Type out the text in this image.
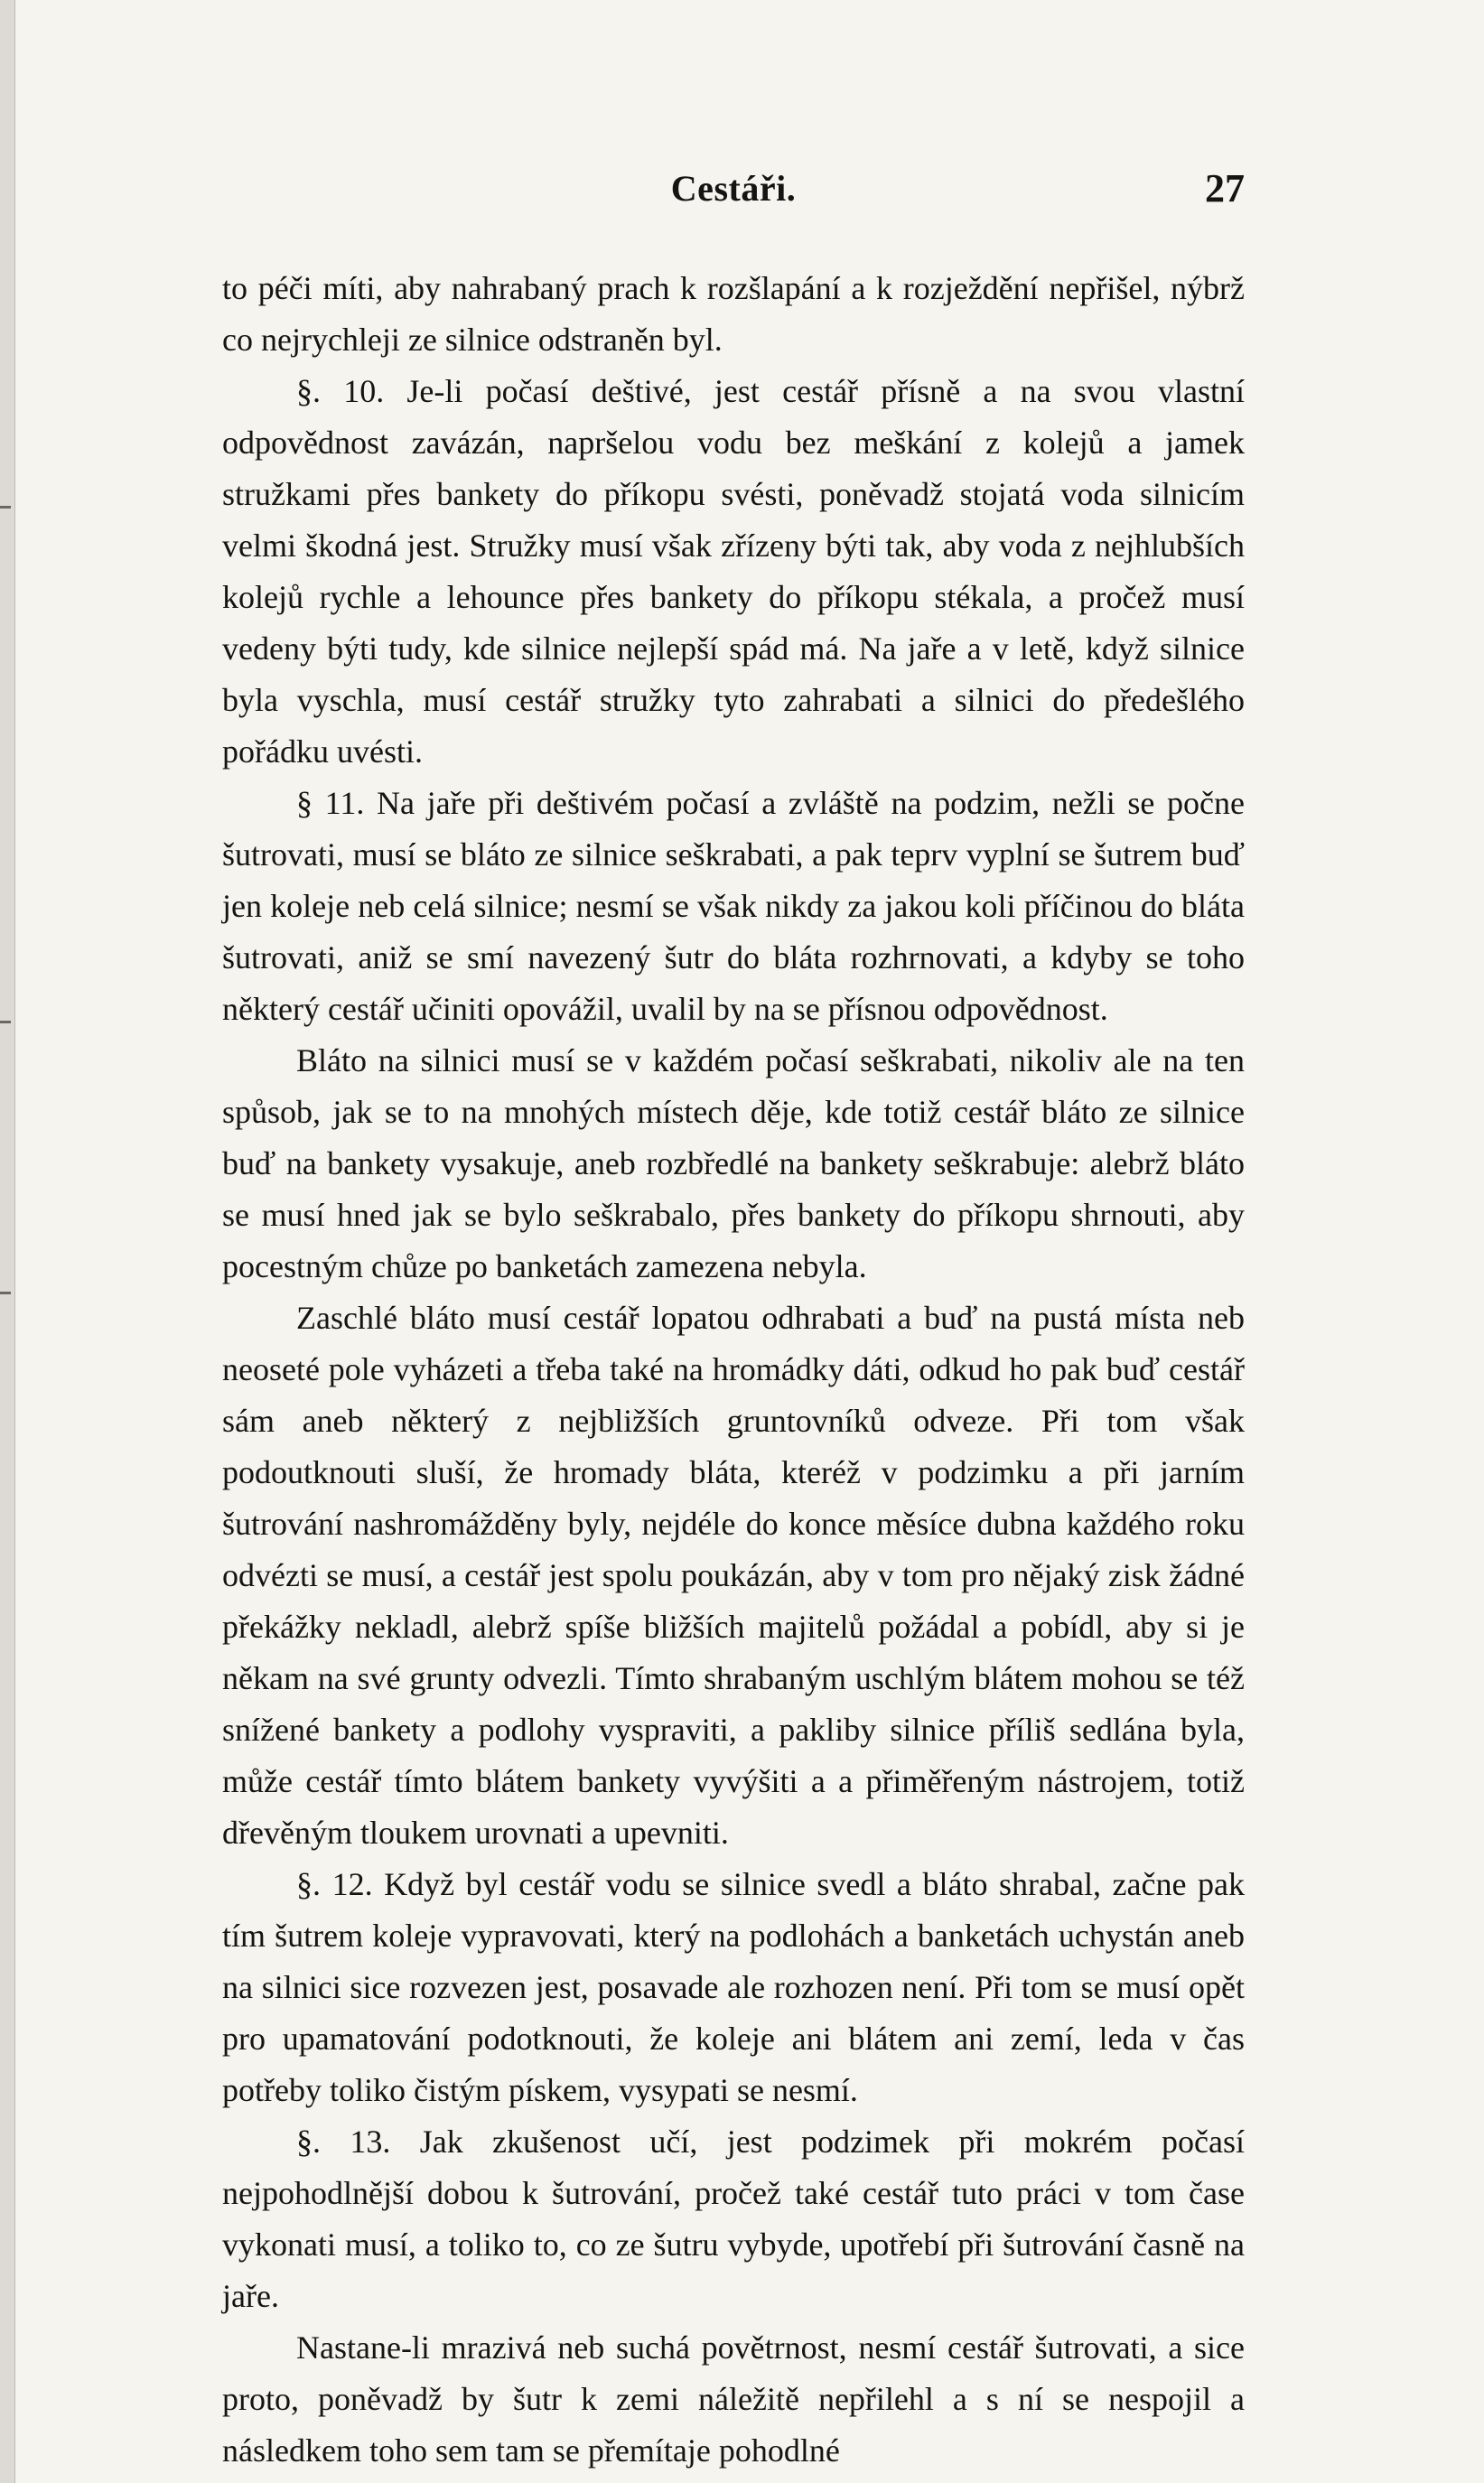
Cestáři.	27

to péči míti, aby nahrabaný prach k rozšlapání a k rozježdění nepřišel, nýbrž co nejrychleji ze silnice odstraněn byl.

§. 10. Je-li počasí deštivé, jest cestář přísně a na svou vlastní odpovědnost zavázán, napršelou vodu bez meškání z kolejů a jamek stružkami přes bankety do příkopu svésti, poněvadž stojatá voda silnicím velmi škodná jest. Stružky musí však zřízeny býti tak, aby voda z nejhlubších kolejů rychle a lehounce přes bankety do příkopu stékala, a pročež musí vedeny býti tudy, kde silnice nejlepší spád má. Na jaře a v letě, když silnice byla vyschla, musí cestář stružky tyto zahrabati a silnici do předešlého pořádku uvésti.

§ 11. Na jaře při deštivém počasí a zvláště na podzim, nežli se počne šutrovati, musí se bláto ze silnice seškrabati, a pak teprv vyplní se šutrem buď jen koleje neb celá silnice; nesmí se však nikdy za jakou koli příčinou do bláta šutrovati, aniž se smí navezený šutr do bláta rozhrnovati, a kdyby se toho některý cestář učiniti opovážil, uvalil by na se přísnou odpovědnost.

Bláto na silnici musí se v každém počasí seškrabati, nikoliv ale na ten spůsob, jak se to na mnohých místech děje, kde totiž cestář bláto ze silnice buď na bankety vysakuje, aneb rozbředlé na bankety seškrabuje: alebrž bláto se musí hned jak se bylo seškrabalo, přes bankety do příkopu shrnouti, aby pocestným chůze po banketách zamezena nebyla.

Zaschlé bláto musí cestář lopatou odhrabati a buď na pustá místa neb neoseté pole vyházeti a třeba také na hromádky dáti, odkud ho pak buď cestář sám aneb některý z nejbližších gruntovníků odveze. Při tom však podoutknouti sluší, že hromady bláta, kteréž v podzimku a při jarním šutrování nashromážděny byly, nejdéle do konce měsíce dubna každého roku odvézti se musí, a cestář jest spolu poukázán, aby v tom pro nějaký zisk žádné překážky nekladl, alebrž spíše bližších majitelů požádal a pobídl, aby si je někam na své grunty odvezli. Tímto shrabaným uschlým blátem mohou se též snížené bankety a podlohy vyspraviti, a pakliby silnice příliš sedlána byla, může cestář tímto blátem bankety vyvýšiti a a přiměřeným nástrojem, totiž dřevěným tloukem urovnati a upevniti.

§. 12. Když byl cestář vodu se silnice svedl a bláto shrabal, začne pak tím šutrem koleje vypravovati, který na podlohách a banketách uchystán aneb na silnici sice rozvezen jest, posavade ale rozhozen není. Při tom se musí opět pro upamatování podotknouti, že koleje ani blátem ani zemí, leda v čas potřeby toliko čistým pískem, vysypati se nesmí.

§. 13. Jak zkušenost učí, jest podzimek při mokrém počasí nejpohodlnější dobou k šutrování, pročež také cestář tuto práci v tom čase vykonati musí, a toliko to, co ze šutru vybyde, upotřebí při šutrování časně na jaře.

Nastane-li mrazivá neb suchá povětrnost, nesmí cestář šutrovati, a sice proto, poněvadž by šutr k zemi náležitě nepřilehl a s ní se nespojil a následkem toho sem tam se přemítaje pohodlné
